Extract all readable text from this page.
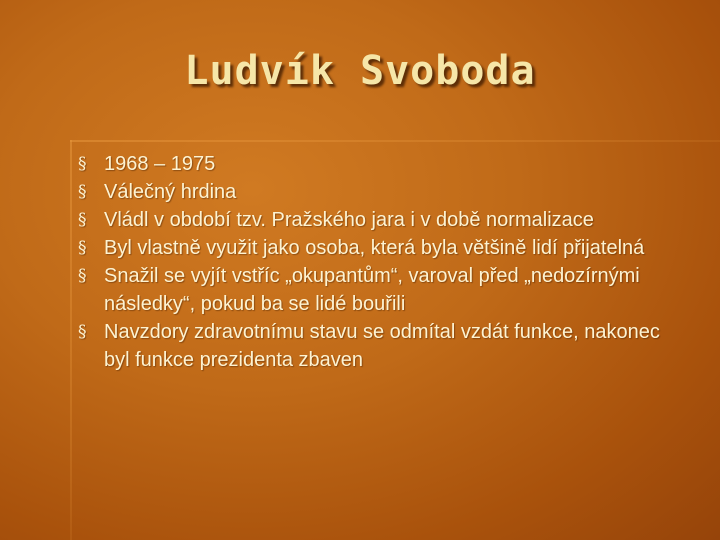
Ludvík Svoboda
§ 1968 – 1975
§ Válečný hrdina
§ Vládl v období tzv. Pražského jara i v době normalizace
§ Byl vlastně využit jako osoba, která byla většině lidí přijatelná
§ Snažil se vyjít vstříc „okupantům“, varoval před „nedozírnými následky“, pokud ba se lidé bouřili
§ Navzdory zdravotnímu stavu se odmítal vzdát funkce, nakonec byl funkce prezidenta zbaven
